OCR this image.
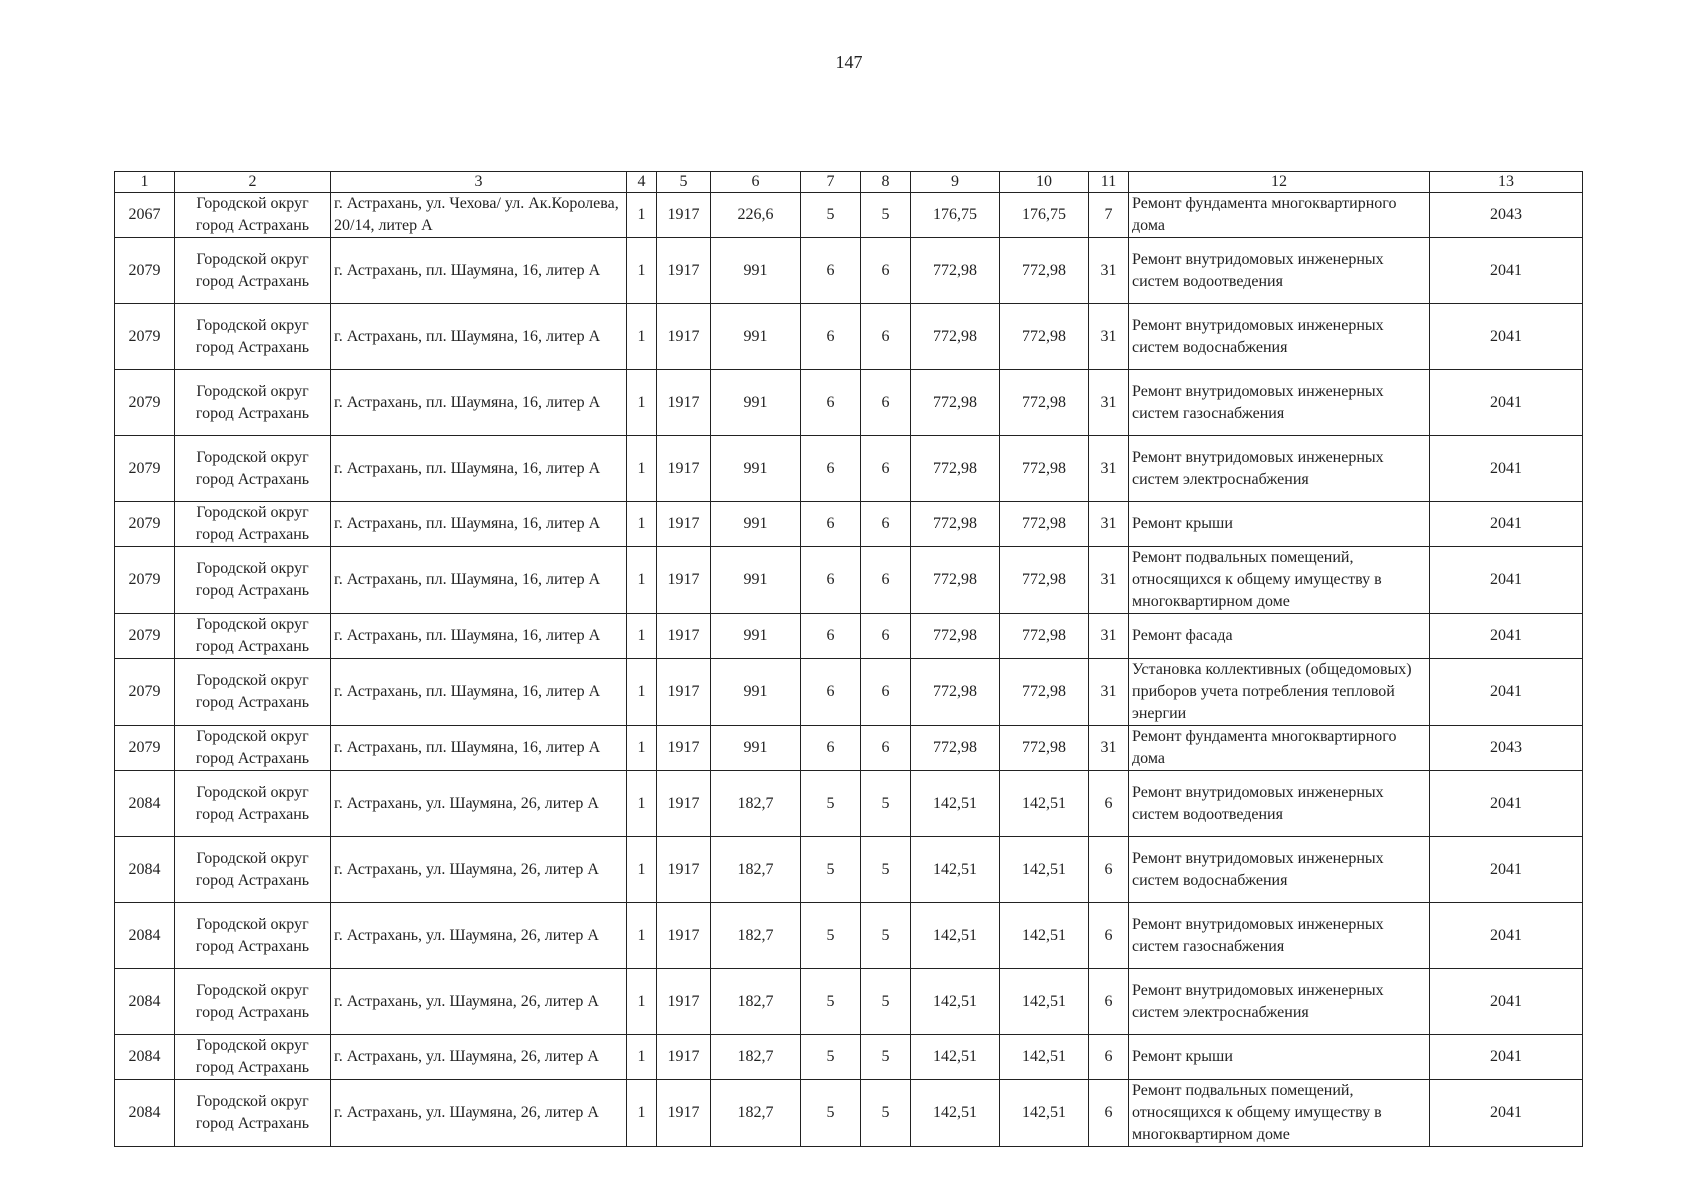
147
1	2	3	4	5	6	7	8	9	10	11	12	13
2067	Городской округ город Астрахань	г. Астрахань, ул. Чехова/ ул. Ак.Королева, 20/14, литер А	1	1917	226,6	5	5	176,75	176,75	7	Ремонт фундамента многоквартирного дома	2043
2079	Городской округ город Астрахань	г. Астрахань, пл. Шаумяна, 16, литер А	1	1917	991	6	6	772,98	772,98	31	Ремонт внутридомовых инженерных систем водоотведения	2041
2079	Городской округ город Астрахань	г. Астрахань, пл. Шаумяна, 16, литер А	1	1917	991	6	6	772,98	772,98	31	Ремонт внутридомовых инженерных систем водоснабжения	2041
2079	Городской округ город Астрахань	г. Астрахань, пл. Шаумяна, 16, литер А	1	1917	991	6	6	772,98	772,98	31	Ремонт внутридомовых инженерных систем газоснабжения	2041
2079	Городской округ город Астрахань	г. Астрахань, пл. Шаумяна, 16, литер А	1	1917	991	6	6	772,98	772,98	31	Ремонт внутридомовых инженерных систем электроснабжения	2041
2079	Городской округ город Астрахань	г. Астрахань, пл. Шаумяна, 16, литер А	1	1917	991	6	6	772,98	772,98	31	Ремонт крыши	2041
2079	Городской округ город Астрахань	г. Астрахань, пл. Шаумяна, 16, литер А	1	1917	991	6	6	772,98	772,98	31	Ремонт подвальных помещений, относящихся к общему имуществу в многоквартирном доме	2041
2079	Городской округ город Астрахань	г. Астрахань, пл. Шаумяна, 16, литер А	1	1917	991	6	6	772,98	772,98	31	Ремонт фасада	2041
2079	Городской округ город Астрахань	г. Астрахань, пл. Шаумяна, 16, литер А	1	1917	991	6	6	772,98	772,98	31	Установка коллективных (общедомовых) приборов учета потребления тепловой энергии	2041
2079	Городской округ город Астрахань	г. Астрахань, пл. Шаумяна, 16, литер А	1	1917	991	6	6	772,98	772,98	31	Ремонт фундамента многоквартирного дома	2043
2084	Городской округ город Астрахань	г. Астрахань, ул. Шаумяна, 26, литер А	1	1917	182,7	5	5	142,51	142,51	6	Ремонт внутридомовых инженерных систем водоотведения	2041
2084	Городской округ город Астрахань	г. Астрахань, ул. Шаумяна, 26, литер А	1	1917	182,7	5	5	142,51	142,51	6	Ремонт внутридомовых инженерных систем водоснабжения	2041
2084	Городской округ город Астрахань	г. Астрахань, ул. Шаумяна, 26, литер А	1	1917	182,7	5	5	142,51	142,51	6	Ремонт внутридомовых инженерных систем газоснабжения	2041
2084	Городской округ город Астрахань	г. Астрахань, ул. Шаумяна, 26, литер А	1	1917	182,7	5	5	142,51	142,51	6	Ремонт внутридомовых инженерных систем электроснабжения	2041
2084	Городской округ город Астрахань	г. Астрахань, ул. Шаумяна, 26, литер А	1	1917	182,7	5	5	142,51	142,51	6	Ремонт крыши	2041
2084	Городской округ город Астрахань	г. Астрахань, ул. Шаумяна, 26, литер А	1	1917	182,7	5	5	142,51	142,51	6	Ремонт подвальных помещений, относящихся к общему имуществу в многоквартирном доме	2041
